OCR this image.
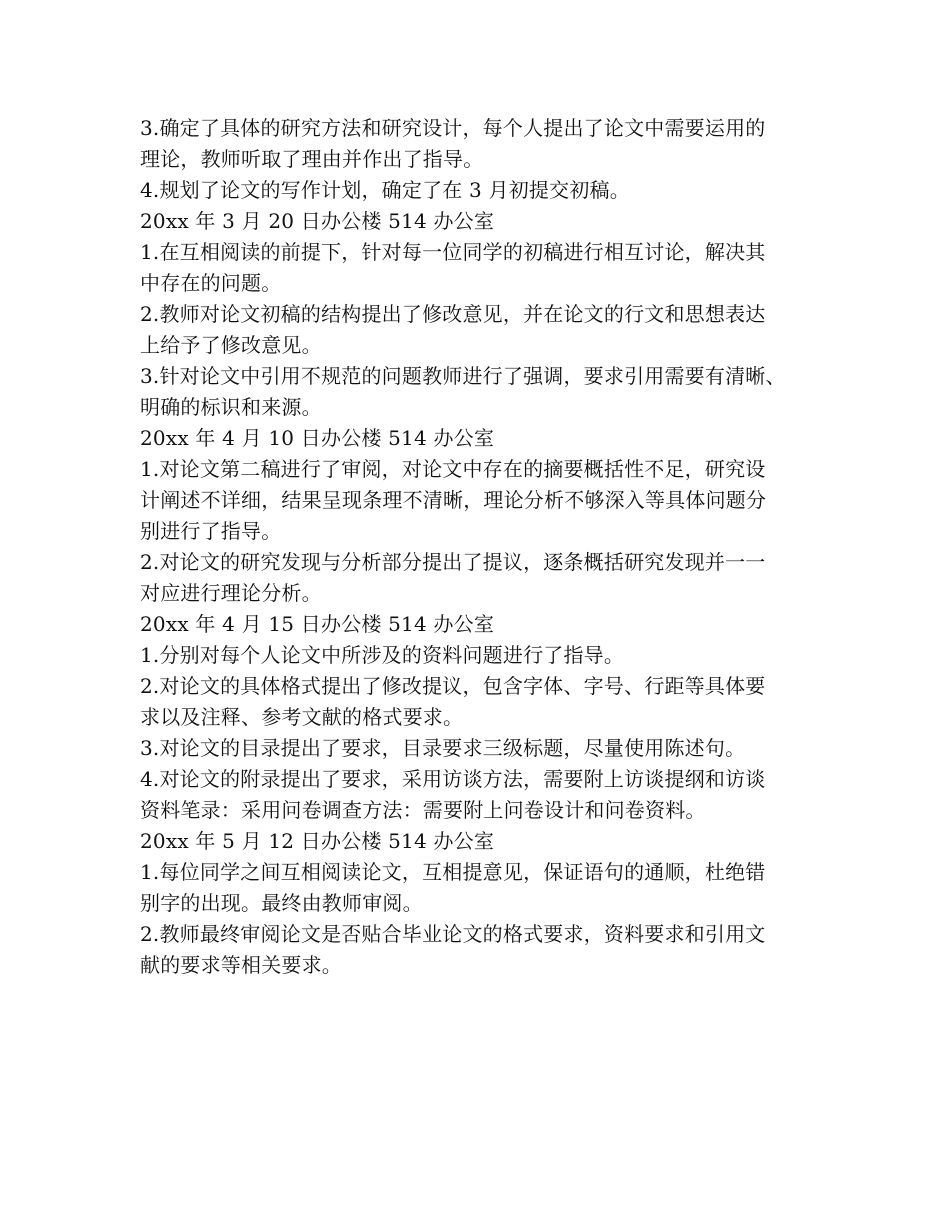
3.确定了具体的研究方法和研究设计，每个人提出了论文中需要运用的
理论，教师听取了理由并作出了指导。
4.规划了论文的写作计划，确定了在 3 月初提交初稿。
20xx 年 3 月 20 日办公楼 514 办公室
1.在互相阅读的前提下，针对每一位同学的初稿进行相互讨论，解决其
中存在的问题。
2.教师对论文初稿的结构提出了修改意见，并在论文的行文和思想表达
上给予了修改意见。
3.针对论文中引用不规范的问题教师进行了强调，要求引用需要有清晰、
明确的标识和来源。
20xx 年 4 月 10 日办公楼 514 办公室
1.对论文第二稿进行了审阅，对论文中存在的摘要概括性不足，研究设
计阐述不详细，结果呈现条理不清晰，理论分析不够深入等具体问题分
别进行了指导。
2.对论文的研究发现与分析部分提出了提议，逐条概括研究发现并一一
对应进行理论分析。
20xx 年 4 月 15 日办公楼 514 办公室
1.分别对每个人论文中所涉及的资料问题进行了指导。
2.对论文的具体格式提出了修改提议，包含字体、字号、行距等具体要
求以及注释、参考文献的格式要求。
3.对论文的目录提出了要求，目录要求三级标题，尽量使用陈述句。
4.对论文的附录提出了要求，采用访谈方法，需要附上访谈提纲和访谈
资料笔录：采用问卷调查方法：需要附上问卷设计和问卷资料。
20xx 年 5 月 12 日办公楼 514 办公室
1.每位同学之间互相阅读论文，互相提意见，保证语句的通顺，杜绝错
别字的出现。最终由教师审阅。
2.教师最终审阅论文是否贴合毕业论文的格式要求，资料要求和引用文
献的要求等相关要求。
